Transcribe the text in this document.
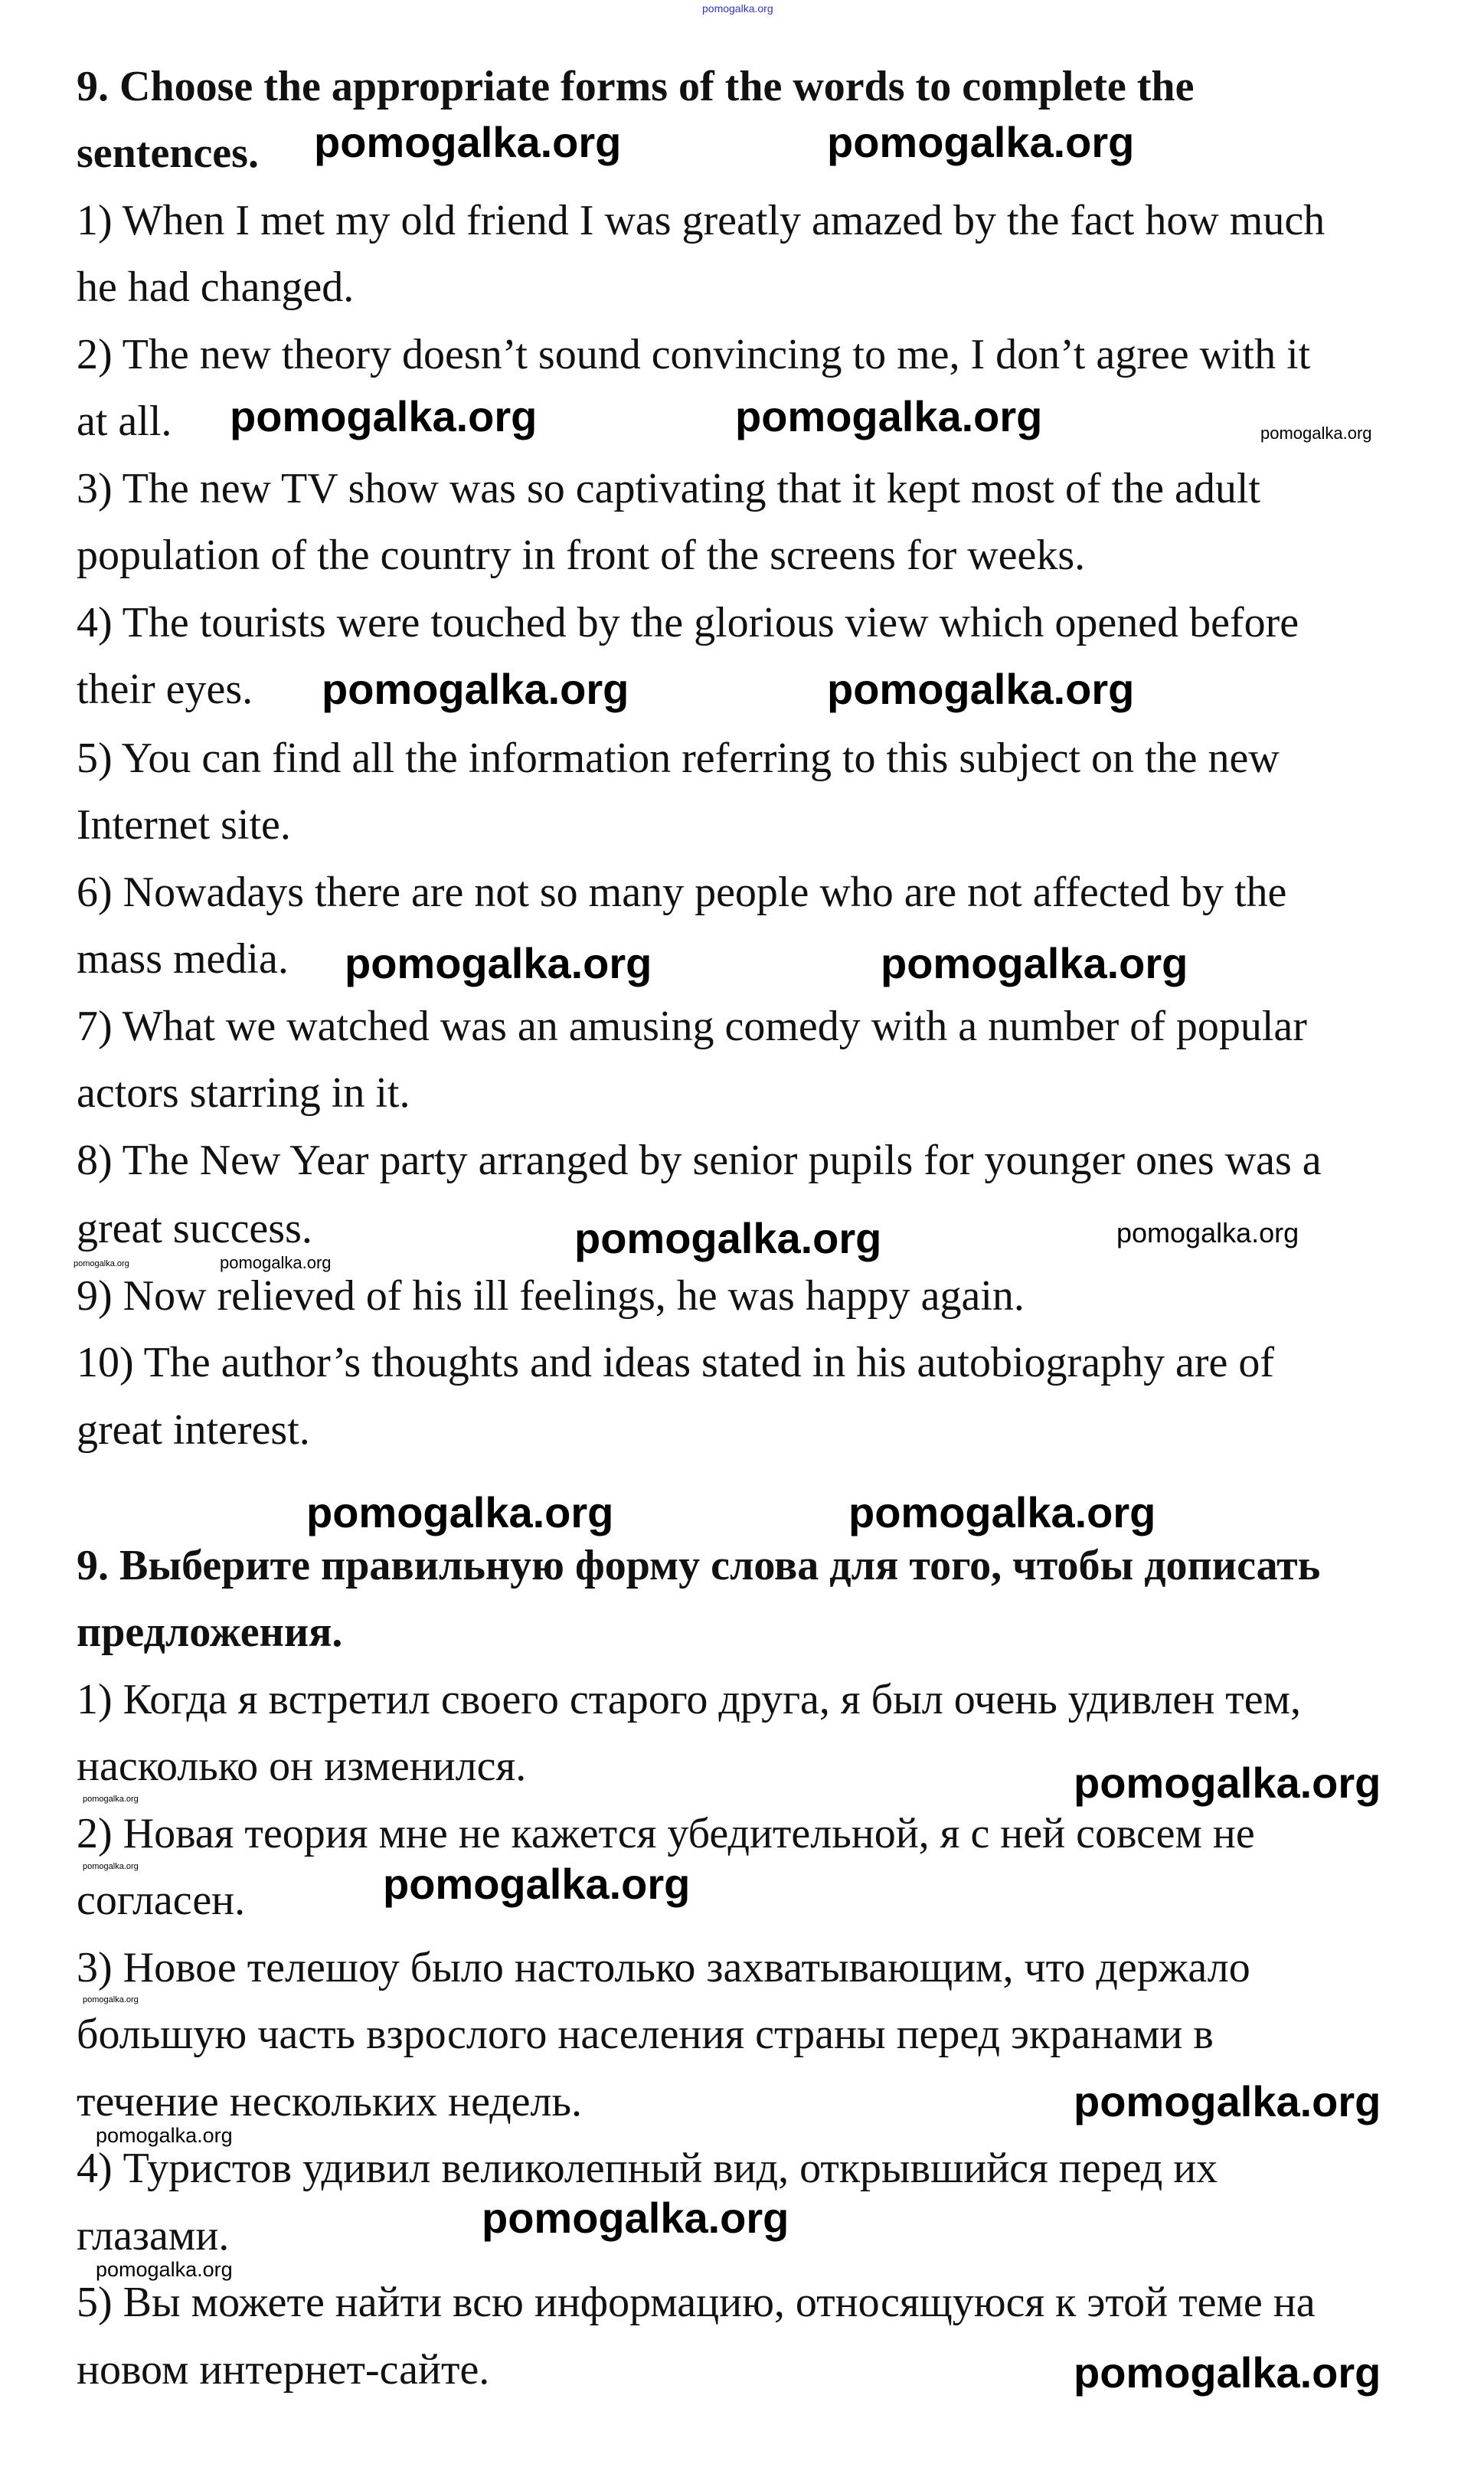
pomogalka.org
9. Choose the appropriate forms of the words to complete the
sentences.
1) When I met my old friend I was greatly amazed by the fact how much
he had changed.
2) The new theory doesn’t sound convincing to me, I don’t agree with it
at all.
3) The new TV show was so captivating that it kept most of the adult
population of the country in front of the screens for weeks.
4) The tourists were touched by the glorious view which opened before
their eyes.
5) You can find all the information referring to this subject on the new
Internet site.
6) Nowadays there are not so many people who are not affected by the
mass media.
7) What we watched was an amusing comedy with a number of popular
actors starring in it.
8) The New Year party arranged by senior pupils for younger ones was a
great success.
9) Now relieved of his ill feelings, he was happy again.
10) The author’s thoughts and ideas stated in his autobiography are of
great interest.
9. Выберите правильную форму слова для того, чтобы дописать
предложения.
1) Когда я встретил своего старого друга, я был очень удивлен тем,
насколько он изменился.
2) Новая теория мне не кажется убедительной, я с ней совсем не
согласен.
3) Новое телешоу было настолько захватывающим, что держало
большую часть взрослого населения страны перед экранами в
течение нескольких недель.
4) Туристов удивил великолепный вид, открывшийся перед их
глазами.
5) Вы можете найти всю информацию, относящуюся к этой теме на
новом интернет-сайте.
pomogalka.org	pomogalka.org
pomogalka.org	pomogalka.org	pomogalka.org
pomogalka.org	pomogalka.org
pomogalka.org	pomogalka.org
pomogalka.org	pomogalka.org
pomogalka.org
pomogalka.org
pomogalka.org	pomogalka.org
pomogalka.org
pomogalka.org
pomogalka.org
pomogalka.org
pomogalka.org
pomogalka.org
pomogalka.org
pomogalka.org
pomogalka.org
pomogalka.org
